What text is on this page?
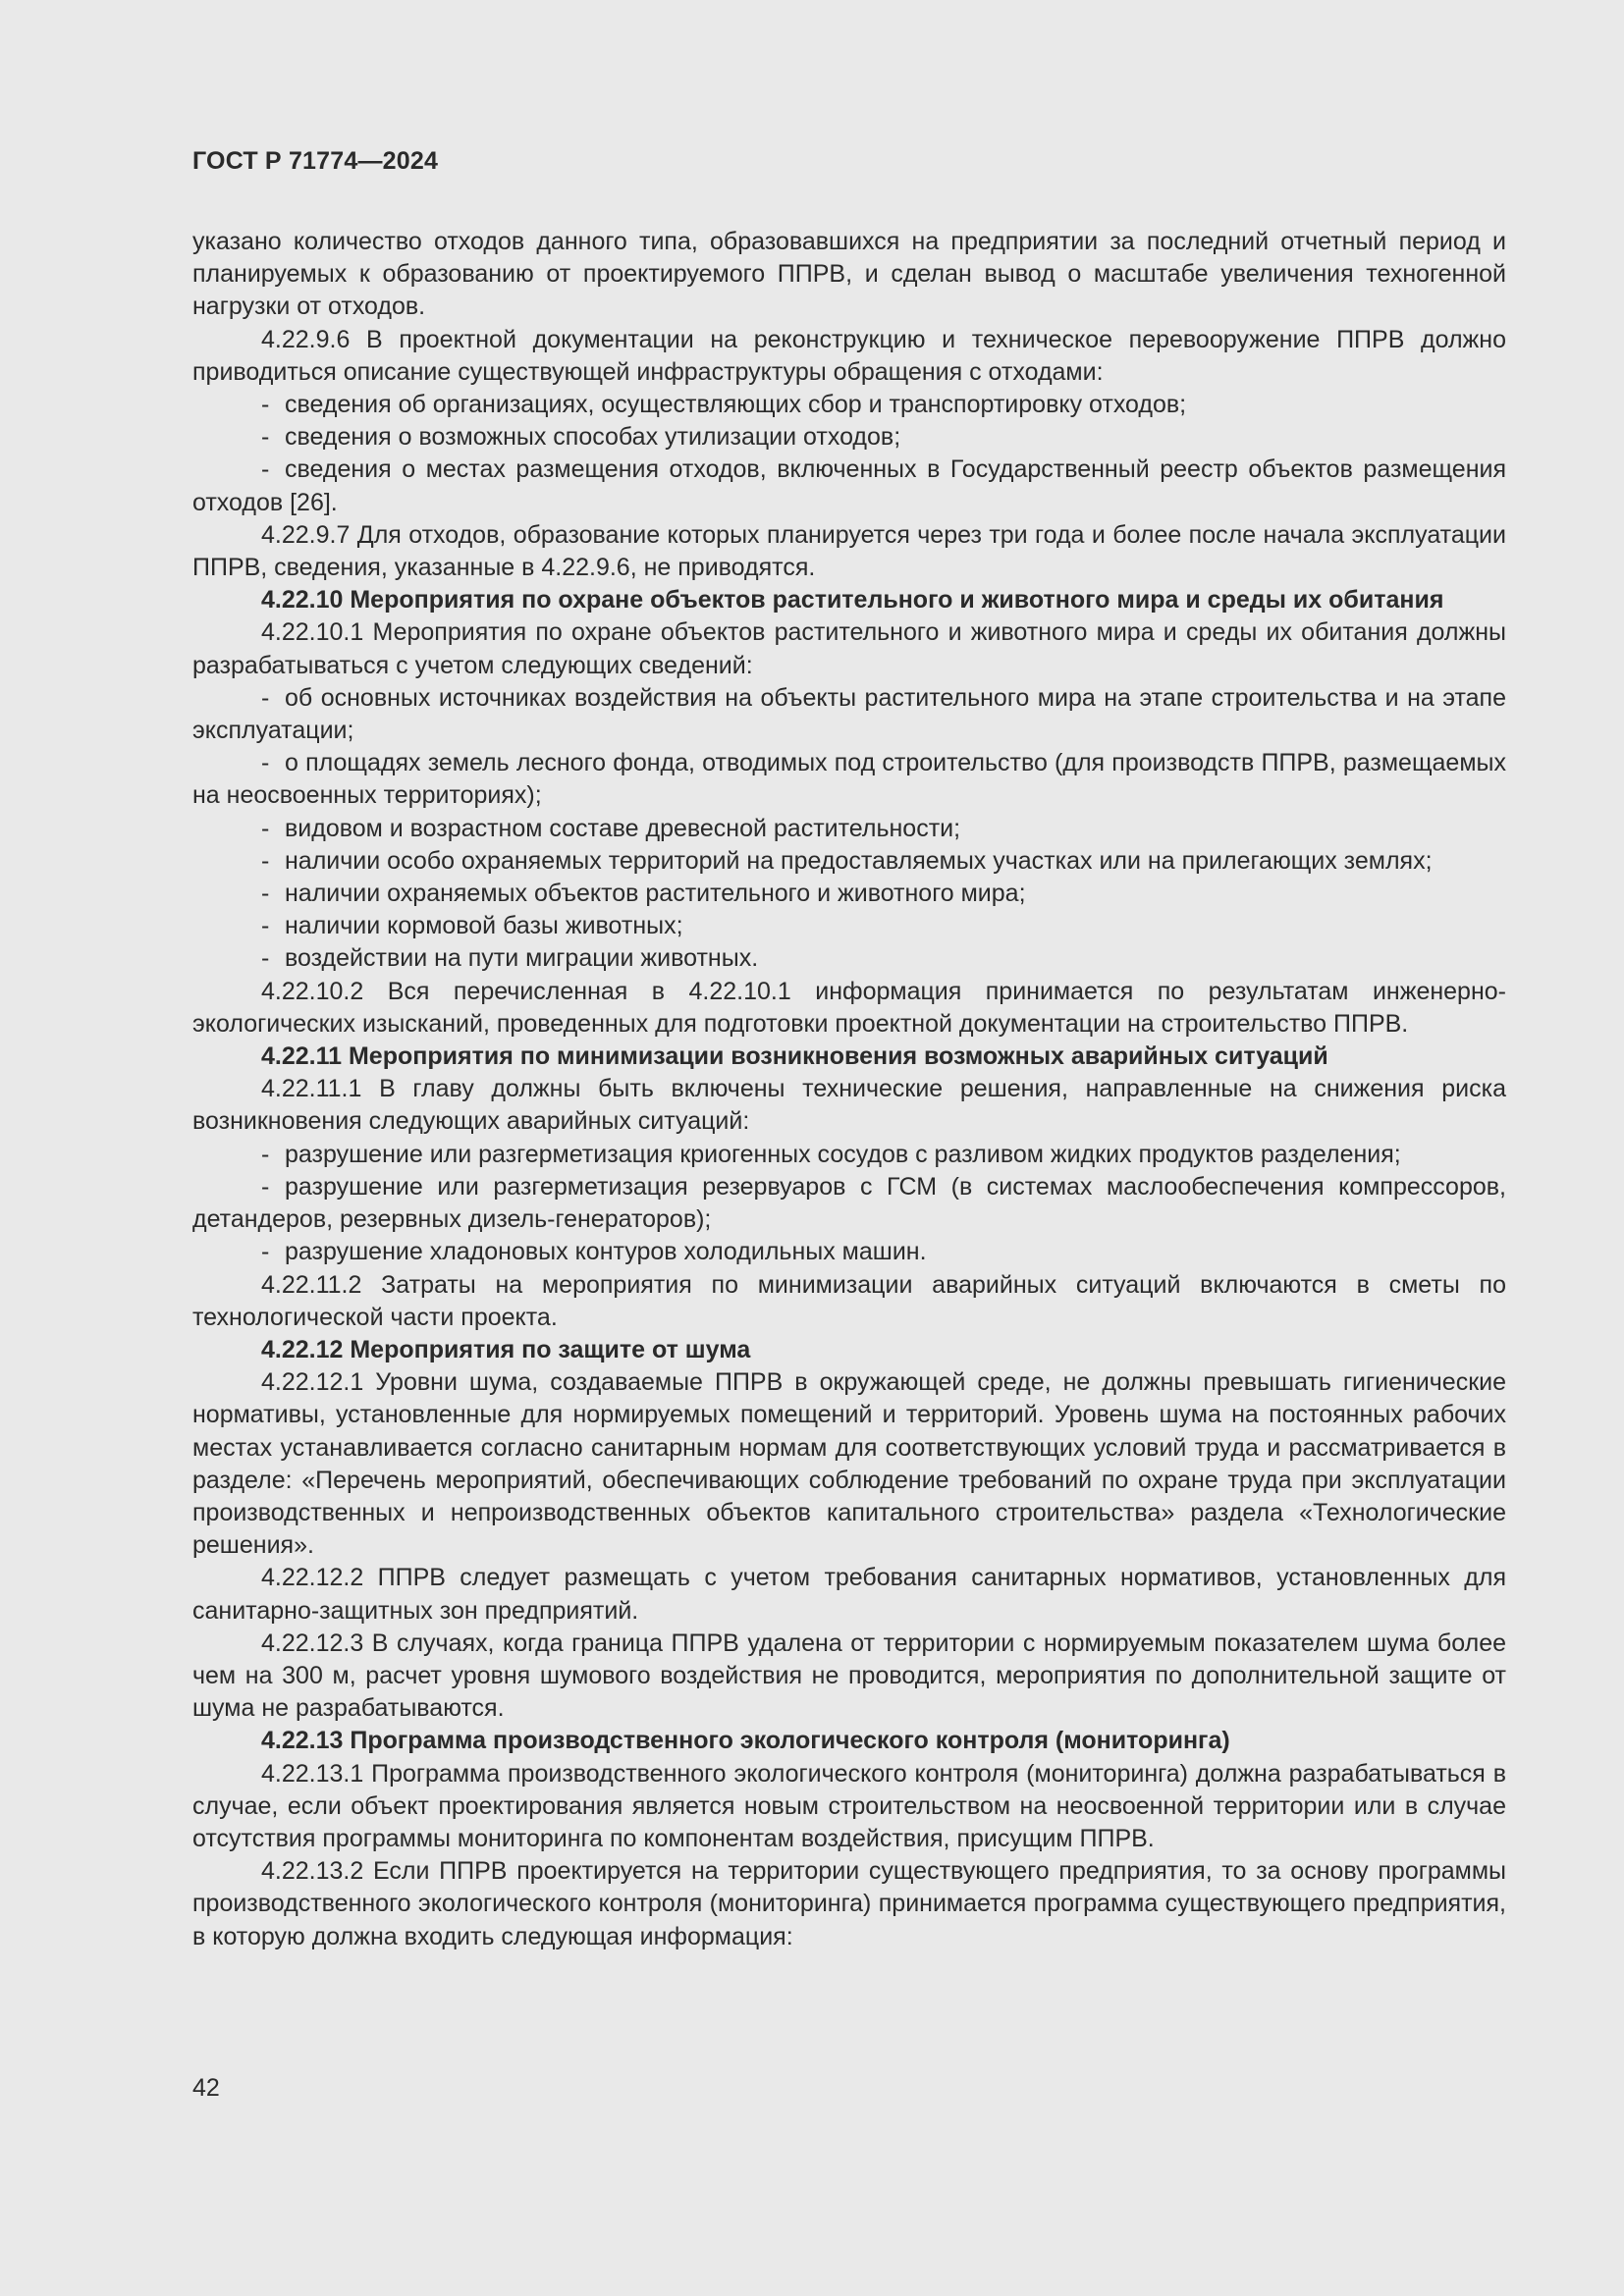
ГОСТ Р 71774—2024

указано количество отходов данного типа, образовавшихся на предприятии за последний отчетный период и планируемых к образованию от проектируемого ППРВ, и сделан вывод о масштабе увеличения техногенной нагрузки от отходов.

4.22.9.6 В проектной документации на реконструкцию и техническое перевооружение ППРВ должно приводиться описание существующей инфраструктуры обращения с отходами:

- сведения об организациях, осуществляющих сбор и транспортировку отходов;

- сведения о возможных способах утилизации отходов;

- сведения о местах размещения отходов, включенных в Государственный реестр объектов размещения отходов [26].

4.22.9.7 Для отходов, образование которых планируется через три года и более после начала эксплуатации ППРВ, сведения, указанные в 4.22.9.6, не приводятся.

4.22.10 Мероприятия по охране объектов растительного и животного мира и среды их обитания

4.22.10.1 Мероприятия по охране объектов растительного и животного мира и среды их обитания должны разрабатываться с учетом следующих сведений:

- об основных источниках воздействия на объекты растительного мира на этапе строительства и на этапе эксплуатации;

- о площадях земель лесного фонда, отводимых под строительство (для производств ППРВ, размещаемых на неосвоенных территориях);

- видовом и возрастном составе древесной растительности;

- наличии особо охраняемых территорий на предоставляемых участках или на прилегающих землях;

- наличии охраняемых объектов растительного и животного мира;

- наличии кормовой базы животных;

- воздействии на пути миграции животных.

4.22.10.2 Вся перечисленная в 4.22.10.1 информация принимается по результатам инженерно-экологических изысканий, проведенных для подготовки проектной документации на строительство ППРВ.

4.22.11 Мероприятия по минимизации возникновения возможных аварийных ситуаций

4.22.11.1 В главу должны быть включены технические решения, направленные на снижения риска возникновения следующих аварийных ситуаций:

- разрушение или разгерметизация криогенных сосудов с разливом жидких продуктов разделения;

- разрушение или разгерметизация резервуаров с ГСМ (в системах маслообеспечения компрессоров, детандеров, резервных дизель-генераторов);

- разрушение хладоновых контуров холодильных машин.

4.22.11.2 Затраты на мероприятия по минимизации аварийных ситуаций включаются в сметы по технологической части проекта.

4.22.12 Мероприятия по защите от шума

4.22.12.1 Уровни шума, создаваемые ППРВ в окружающей среде, не должны превышать гигиенические нормативы, установленные для нормируемых помещений и территорий. Уровень шума на постоянных рабочих местах устанавливается согласно санитарным нормам для соответствующих условий труда и рассматривается в разделе: «Перечень мероприятий, обеспечивающих соблюдение требований по охране труда при эксплуатации производственных и непроизводственных объектов капитального строительства» раздела «Технологические решения».

4.22.12.2 ППРВ следует размещать с учетом требования санитарных нормативов, установленных для санитарно-защитных зон предприятий.

4.22.12.3 В случаях, когда граница ППРВ удалена от территории с нормируемым показателем шума более чем на 300 м, расчет уровня шумового воздействия не проводится, мероприятия по дополнительной защите от шума не разрабатываются.

4.22.13 Программа производственного экологического контроля (мониторинга)

4.22.13.1 Программа производственного экологического контроля (мониторинга) должна разрабатываться в случае, если объект проектирования является новым строительством на неосвоенной территории или в случае отсутствия программы мониторинга по компонентам воздействия, присущим ППРВ.

4.22.13.2 Если ППРВ проектируется на территории существующего предприятия, то за основу программы производственного экологического контроля (мониторинга) принимается программа существующего предприятия, в которую должна входить следующая информация:

42
